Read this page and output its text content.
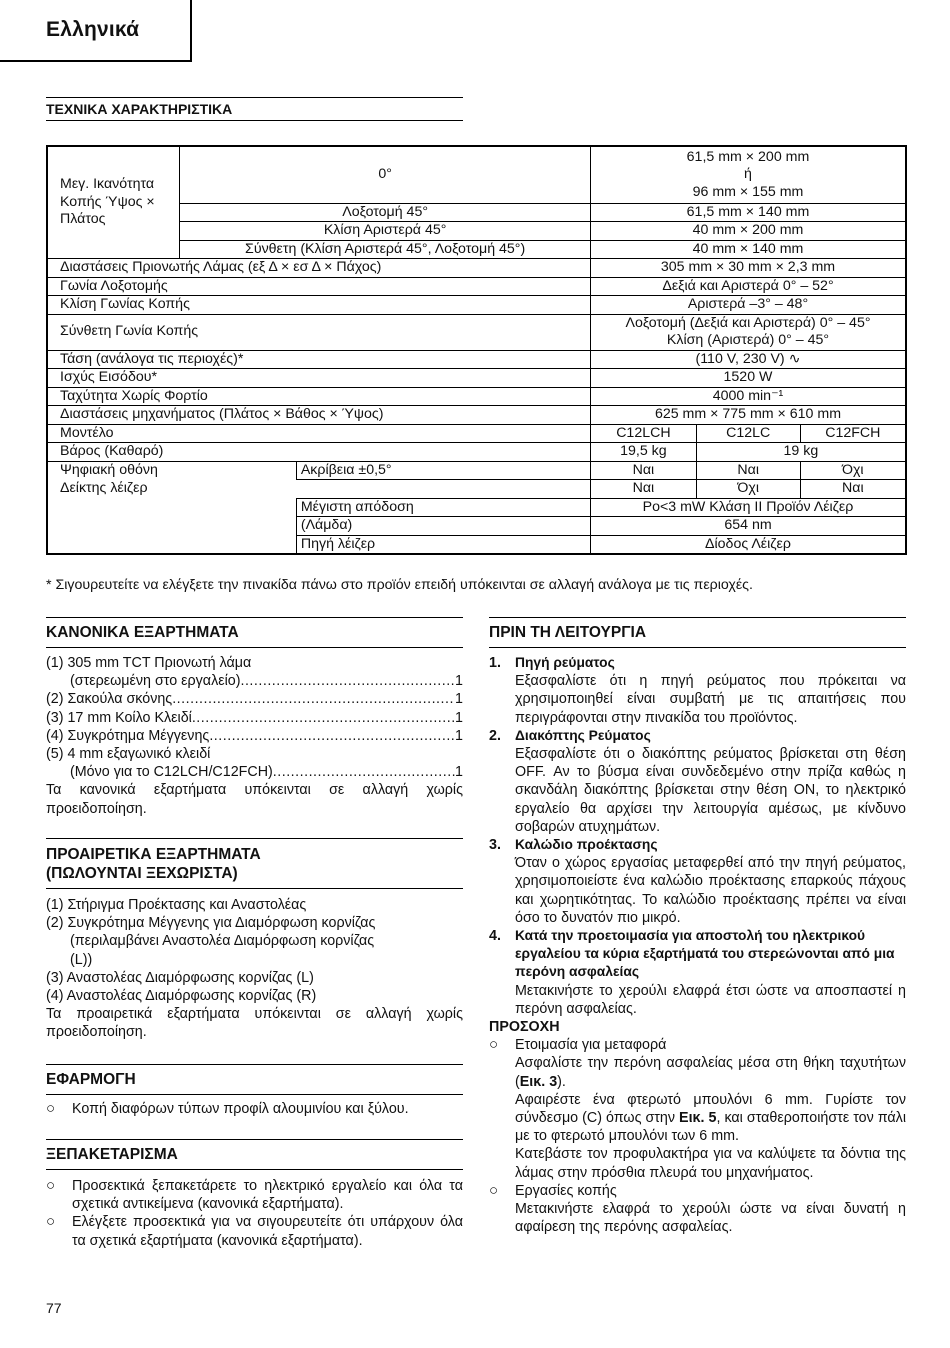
Ελληνικά
ΤΕΧΝΙΚΑ ΧΑΡΑΚΤΗΡΙΣΤΙΚΑ
Μεγ. Ικανότητα Κοπής Ύψος × Πλάτος	0°		61,5 mm × 200 mm
ή
96 mm × 155 mm		

	Λοξοτομή 45°		61,5 mm × 140 mm		
	Κλίση Αριστερά 45°		40 mm × 200 mm		
	Σύνθετη (Κλίση Αριστερά 45°, Λοξοτομή 45°)		40 mm × 140 mm		
Διαστάσεις Πριονωτής Λάμας (εξ Δ × εσ Δ × Πάχος)			305 mm × 30 mm × 2,3 mm		
Γωνία Λοξοτομής			Δεξιά και Αριστερά 0° – 52°		
Κλίση Γωνίας Κοπής			Αριστερά –3° – 48°		
Σύνθετη Γωνία Κοπής			Λοξοτομή (Δεξιά και Αριστερά) 0° – 45°
Κλίση (Αριστερά) 0° – 45°		

Τάση (ανάλογα τις περιοχές)*			(110 V, 230 V) ∿		
Ισχύς Εισόδου*			1520 W		
Ταχύτητα Χωρίς Φορτίο			4000 min⁻¹		
Διαστάσεις μηχανήματος (Πλάτος × Βάθος × Ύψος)			625 mm × 775 mm × 610 mm		
Μοντέλο			C12LCH	C12LC	C12FCH
Βάρος (Καθαρό)			19,5 kg	19 kg	
Ψηφιακή οθόνη		Ακρίβεια ±0,5°	Ναι	Ναι	Όχι
Δείκτης λέιζερ			Ναι	Όχι	Ναι
		Μέγιστη απόδοση	Po<3 mW Κλάση II Προϊόν Λέιζερ		
		(Λάμδα)	654 nm		
		Πηγή λέιζερ	Δίοδος Λέιζερ		
* Σιγουρευτείτε να ελέγξετε την πινακίδα πάνω στο προϊόν επειδή υπόκεινται σε αλλαγή ανάλογα με τις περιοχές.
ΚΑΝΟΝΙΚΑ ΕΞΑΡΤΗΜΑΤΑ
(1) 305 mm TCT Πριονωτή λάμα
(στερεωμένη στο εργαλείο) .....	1
(2) Σακούλα σκόνης .....	1
(3) 17 mm Κοίλο Κλειδί .....	1
(4) Συγκρότημα Μέγγενης .....	1
(5) 4 mm εξαγωνικό κλειδί
(Μόνο για το C12LCH/C12FCH) .....	1
Τα κανονικά εξαρτήματα υπόκεινται σε αλλαγή χωρίς προειδοποίηση.
ΠΡΟΑΙΡΕΤΙΚΑ ΕΞΑΡΤΗΜΑΤΑ
(ΠΩΛΟΥΝΤΑΙ ΞΕΧΩΡΙΣΤΑ)
(1) Στήριγμα Προέκτασης και Αναστολέας
(2) Συγκρότημα Μέγγενης για Διαμόρφωση κορνίζας
(περιλαμβάνει Αναστολέα Διαμόρφωση κορνίζας
(L))
(3) Αναστολέας Διαμόρφωσης κορνίζας (L)
(4) Αναστολέας Διαμόρφωσης κορνίζας (R)
Τα προαιρετικά εξαρτήματα υπόκεινται σε αλλαγή χωρίς προειδοποίηση.
ΕΦΑΡΜΟΓΗ
○	Κοπή διαφόρων τύπων προφίλ αλουμινίου και ξύλου.
ΞΕΠΑΚΕΤΑΡΙΣΜΑ
○	Προσεκτικά ξεπακετάρετε το ηλεκτρικό εργαλείο και όλα τα σχετικά αντικείμενα (κανονικά εξαρτήματα).
○	Ελέγξετε προσεκτικά για να σιγουρευτείτε ότι υπάρχουν όλα τα σχετικά εξαρτήματα (κανονικά εξαρτήματα).
ΠΡΙΝ ΤΗ ΛΕΙΤΟΥΡΓΙΑ
1.	Πηγή ρεύματος
Εξασφαλίστε ότι η πηγή ρεύματος που πρόκειται να χρησιμοποιηθεί είναι συμβατή με τις απαιτήσεις που περιγράφονται στην πινακίδα του προϊόντος.
2.	Διακόπτης Ρεύματος
Εξασφαλίστε ότι ο διακόπτης ρεύματος βρίσκεται στη θέση OFF. Αν το βύσμα είναι συνδεδεμένο στην πρίζα καθώς η σκανδάλη διακόπτης βρίσκεται στην θέση ON, το ηλεκτρικό εργαλείο θα αρχίσει την λειτουργία αμέσως, με κίνδυνο σοβαρών ατυχημάτων.
3.	Καλώδιο προέκτασης
Όταν ο χώρος εργασίας μεταφερθεί από την πηγή ρεύματος, χρησιμοποιείστε ένα καλώδιο προέκτασης επαρκούς πάχους και χωρητικότητας. Το καλώδιο προέκτασης πρέπει να είναι όσο το δυνατόν πιο μικρό.
4.	Κατά την προετοιμασία για αποστολή του ηλεκτρικού εργαλείου τα κύρια εξαρτήματά του στερεώνονται από μια περόνη ασφαλείας
Μετακινήστε το χερούλι ελαφρά έτσι ώστε να αποσπαστεί η περόνη ασφαλείας.
ΠΡΟΣΟΧΗ
○	Ετοιμασία για μεταφορά
Ασφαλίστε την περόνη ασφαλείας μέσα στη θήκη ταχυτήτων (Εικ. 3).
Αφαιρέστε ένα φτερωτό μπουλόνι 6 mm. Γυρίστε τον σύνδεσμο (C) όπως στην Εικ. 5, και σταθεροποιήστε τον πάλι με το φτερωτό μπουλόνι των 6 mm.
Κατεβάστε τον προφυλακτήρα για να καλύψετε τα δόντια της λάμας στην πρόσθια πλευρά του μηχανήματος.
○	Εργασίες κοπής
Μετακινήστε ελαφρά το χερούλι ώστε να είναι δυνατή η αφαίρεση της περόνης ασφαλείας.
77
